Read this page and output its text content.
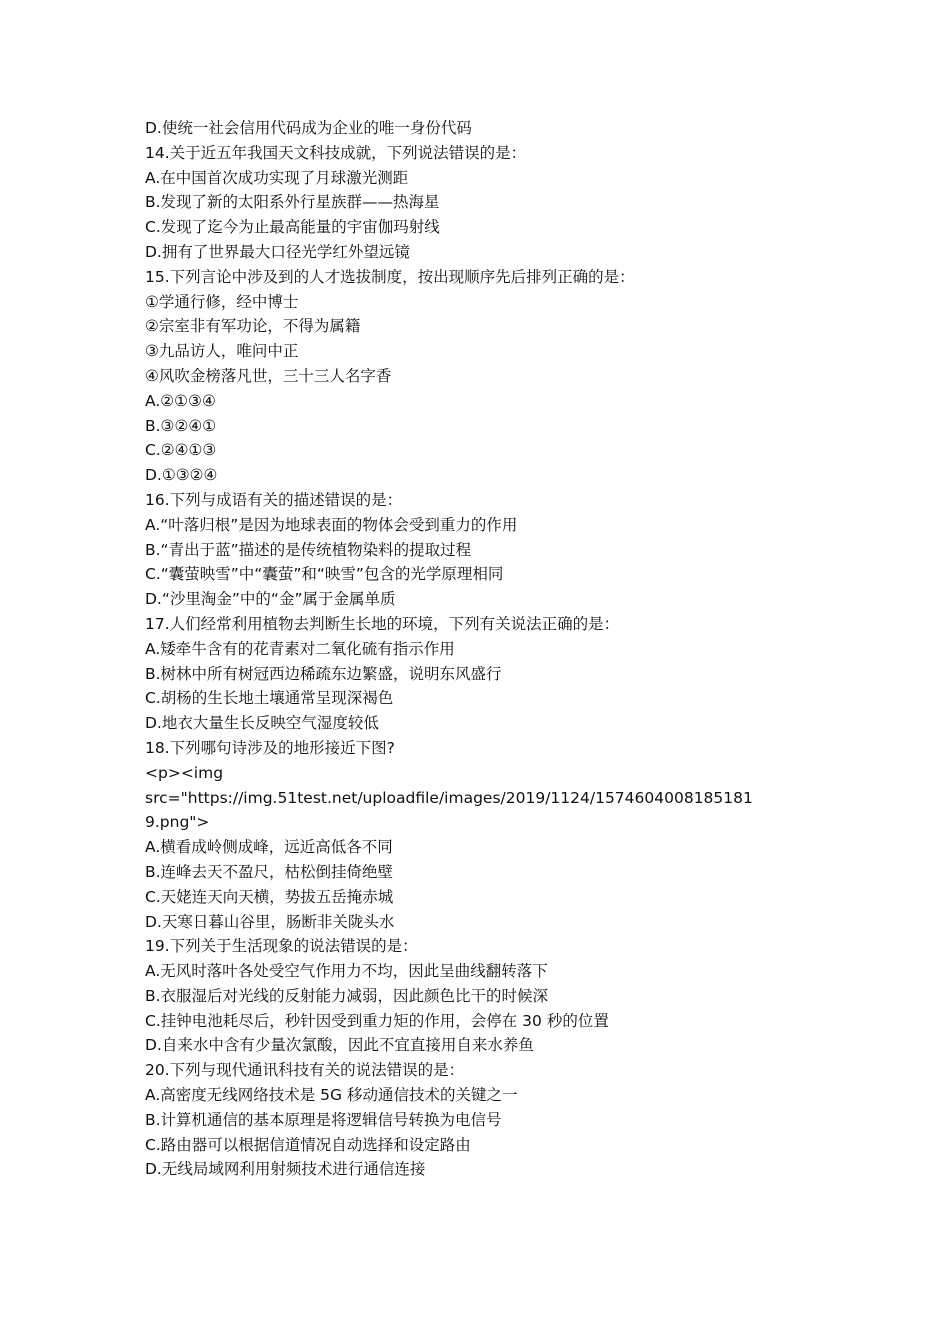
D.使统一社会信用代码成为企业的唯一身份代码
14.关于近五年我国天文科技成就，下列说法错误的是：
A.在中国首次成功实现了月球激光测距
B.发现了新的太阳系外行星族群——热海星
C.发现了迄今为止最高能量的宇宙伽玛射线
D.拥有了世界最大口径光学红外望远镜
15.下列言论中涉及到的人才选拔制度，按出现顺序先后排列正确的是：
①学通行修，经中博士
②宗室非有军功论，不得为属籍
③九品访人，唯问中正
④风吹金榜落凡世，三十三人名字香
A.②①③④
B.③②④①
C.②④①③
D.①③②④
16.下列与成语有关的描述错误的是：
A.“叶落归根”是因为地球表面的物体会受到重力的作用
B.“青出于蓝”描述的是传统植物染料的提取过程
C.“囊萤映雪”中“囊萤”和“映雪”包含的光学原理相同
D.“沙里淘金”中的“金”属于金属单质
17.人们经常利用植物去判断生长地的环境，下列有关说法正确的是：
A.矮牵牛含有的花青素对二氧化硫有指示作用
B.树林中所有树冠西边稀疏东边繁盛，说明东风盛行
C.胡杨的生长地土壤通常呈现深褐色
D.地衣大量生长反映空气湿度较低
18.下列哪句诗涉及的地形接近下图?
<p><img
src="https://img.51test.net/uploadfile/images/2019/1124/1574604008185181
9.png">
A.横看成岭侧成峰，远近高低各不同
B.连峰去天不盈尺，枯松倒挂倚绝壁
C.天姥连天向天横，势拔五岳掩赤城
D.天寒日暮山谷里，肠断非关陇头水
19.下列关于生活现象的说法错误的是：
A.无风时落叶各处受空气作用力不均，因此呈曲线翻转落下
B.衣服湿后对光线的反射能力减弱，因此颜色比干的时候深
C.挂钟电池耗尽后，秒针因受到重力矩的作用，会停在 30 秒的位置
D.自来水中含有少量次氯酸，因此不宜直接用自来水养鱼
20.下列与现代通讯科技有关的说法错误的是：
A.高密度无线网络技术是 5G 移动通信技术的关键之一
B.计算机通信的基本原理是将逻辑信号转换为电信号
C.路由器可以根据信道情况自动选择和设定路由
D.无线局域网利用射频技术进行通信连接
